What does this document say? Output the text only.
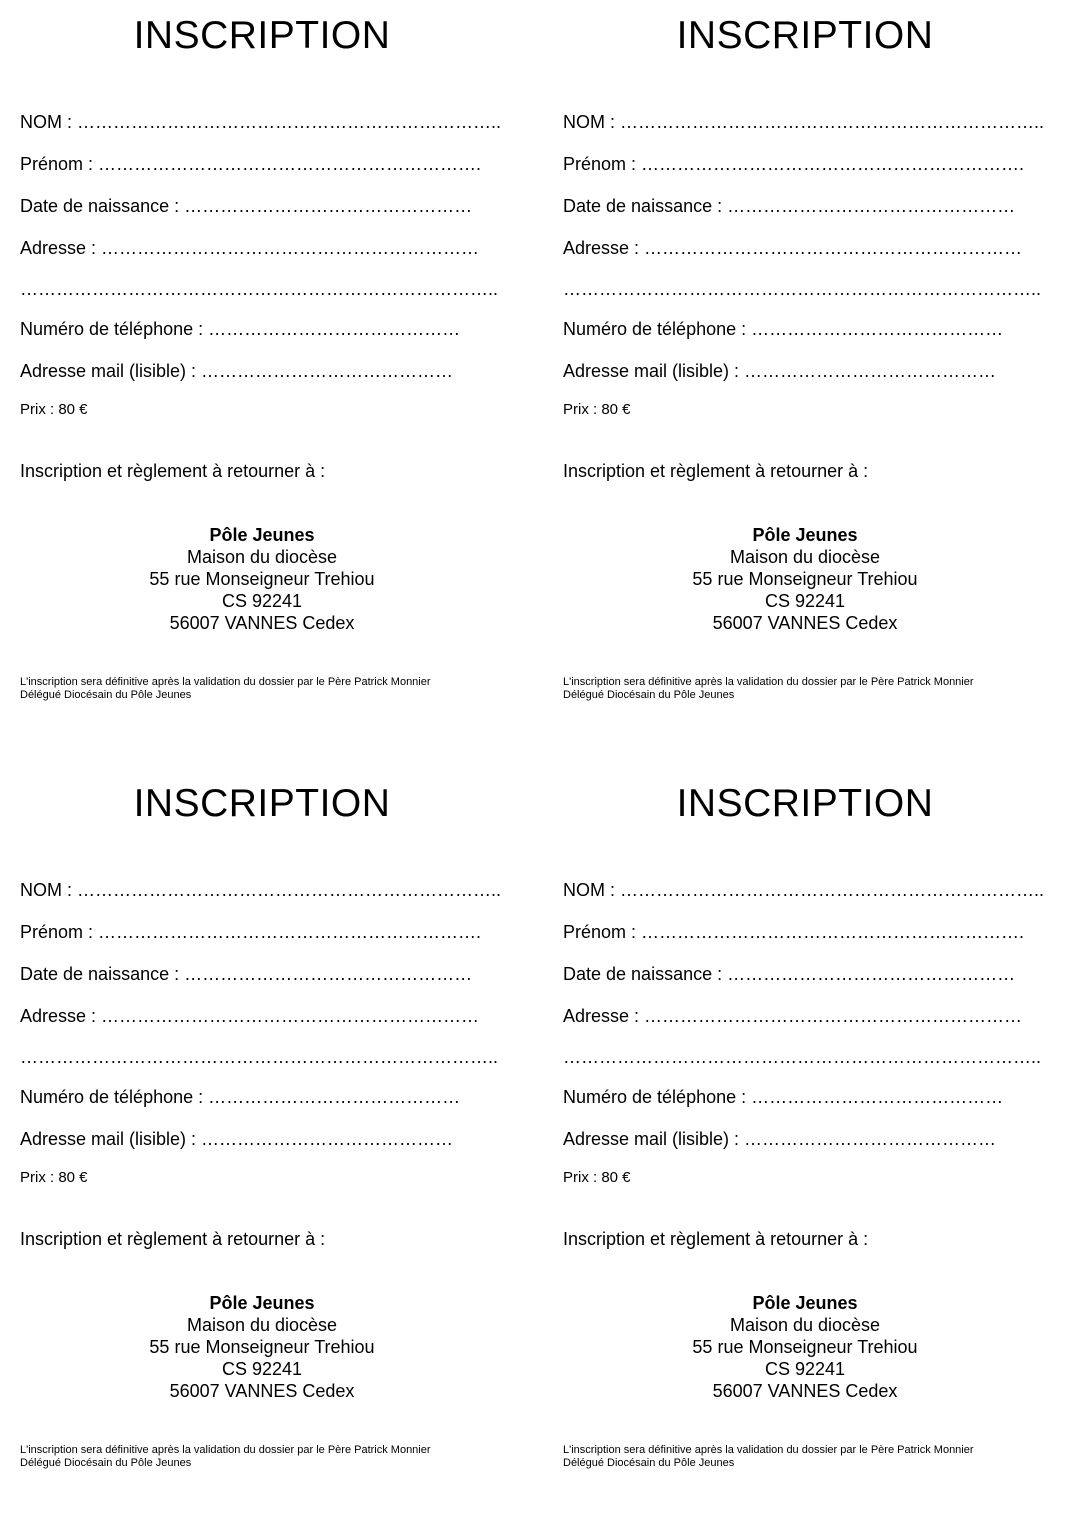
INSCRIPTION
NOM : ……………………………………………………………..
Prénom : ……………………………………………………….
Date de naissance : …………………………………………
Adresse : ………………………………………………………
……………………………………………………………………..
Numéro de téléphone : ……………………………………
Adresse mail (lisible) : ……………………………………
Prix : 80 €
Inscription et règlement à retourner à :
Pôle Jeunes
Maison du diocèse
55 rue Monseigneur Trehiou
CS 92241
56007 VANNES Cedex
L'inscription sera définitive après la validation du dossier par le Père Patrick Monnier
Délégué Diocésain du Pôle Jeunes
INSCRIPTION
NOM : ……………………………………………………………..
Prénom : ……………………………………………………….
Date de naissance : …………………………………………
Adresse : ………………………………………………………
……………………………………………………………………..
Numéro de téléphone : ……………………………………
Adresse mail (lisible) : ……………………………………
Prix : 80 €
Inscription et règlement à retourner à :
Pôle Jeunes
Maison du diocèse
55 rue Monseigneur Trehiou
CS 92241
56007 VANNES Cedex
L'inscription sera définitive après la validation du dossier par le Père Patrick Monnier
Délégué Diocésain du Pôle Jeunes
INSCRIPTION
NOM : ……………………………………………………………..
Prénom : ……………………………………………………….
Date de naissance : …………………………………………
Adresse : ………………………………………………………
……………………………………………………………………..
Numéro de téléphone : ……………………………………
Adresse mail (lisible) : ……………………………………
Prix : 80 €
Inscription et règlement à retourner à :
Pôle Jeunes
Maison du diocèse
55 rue Monseigneur Trehiou
CS 92241
56007 VANNES Cedex
L'inscription sera définitive après la validation du dossier par le Père Patrick Monnier
Délégué Diocésain du Pôle Jeunes
INSCRIPTION
NOM : ……………………………………………………………..
Prénom : ……………………………………………………….
Date de naissance : …………………………………………
Adresse : ………………………………………………………
……………………………………………………………………..
Numéro de téléphone : ……………………………………
Adresse mail (lisible) : ……………………………………
Prix : 80 €
Inscription et règlement à retourner à :
Pôle Jeunes
Maison du diocèse
55 rue Monseigneur Trehiou
CS 92241
56007 VANNES Cedex
L'inscription sera définitive après la validation du dossier par le Père Patrick Monnier
Délégué Diocésain du Pôle Jeunes
